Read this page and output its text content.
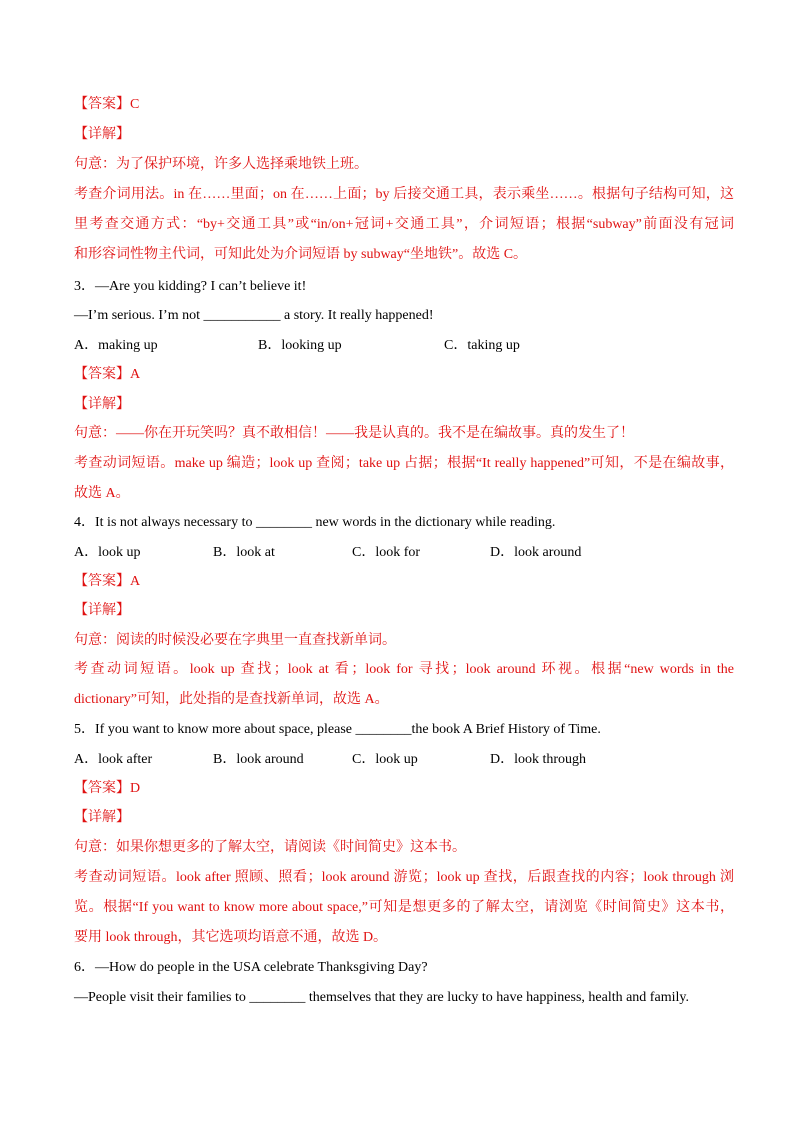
【答案】C
【详解】
句意：为了保护环境，许多人选择乘地铁上班。
考查介词用法。in 在……里面；on 在……上面；by 后接交通工具，表示乘坐……。根据句子结构可知，这
里考查交通方式：“by+交通工具”或“in/on+冠词+交通工具”，介词短语；根据“subway”前面没有冠词
和形容词性物主代词，可知此处为介词短语 by subway“坐地铁”。故选 C。
3．—Are you kidding? I can’t believe it!
—I’m serious. I’m not ___________ a story. It really happened!
A．making up	B．looking up	C．taking up
【答案】A
【详解】
句意：——你在开玩笑吗？真不敢相信！——我是认真的。我不是在编故事。真的发生了！
考查动词短语。make up 编造；look up 查阅；take up 占据；根据“It really happened”可知，不是在编故事，
故选 A。
4．It is not always necessary to ________ new words in the dictionary while reading.
A．look up	B．look at	C．look for	D．look around
【答案】A
【详解】
句意：阅读的时候没必要在字典里一直查找新单词。
考查动词短语。look up 查找；look at 看；look for 寻找；look around 环视。根据“new words in the
dictionary”可知，此处指的是查找新单词，故选 A。
5．If you want to know more about space, please ________the book A Brief History of Time.
A．look after	B．look around	C．look up	D．look through
【答案】D
【详解】
句意：如果你想更多的了解太空，请阅读《时间简史》这本书。
考查动词短语。look after 照顾、照看；look around 游览；look up 查找，后跟查找的内容；look through 浏
览。根据“If you want to know more about space,”可知是想更多的了解太空，请浏览《时间简史》这本书，
要用 look through，其它选项均语意不通，故选 D。
6．—How do people in the USA celebrate Thanksgiving Day?
—People visit their families to ________ themselves that they are lucky to have happiness, health and family.
